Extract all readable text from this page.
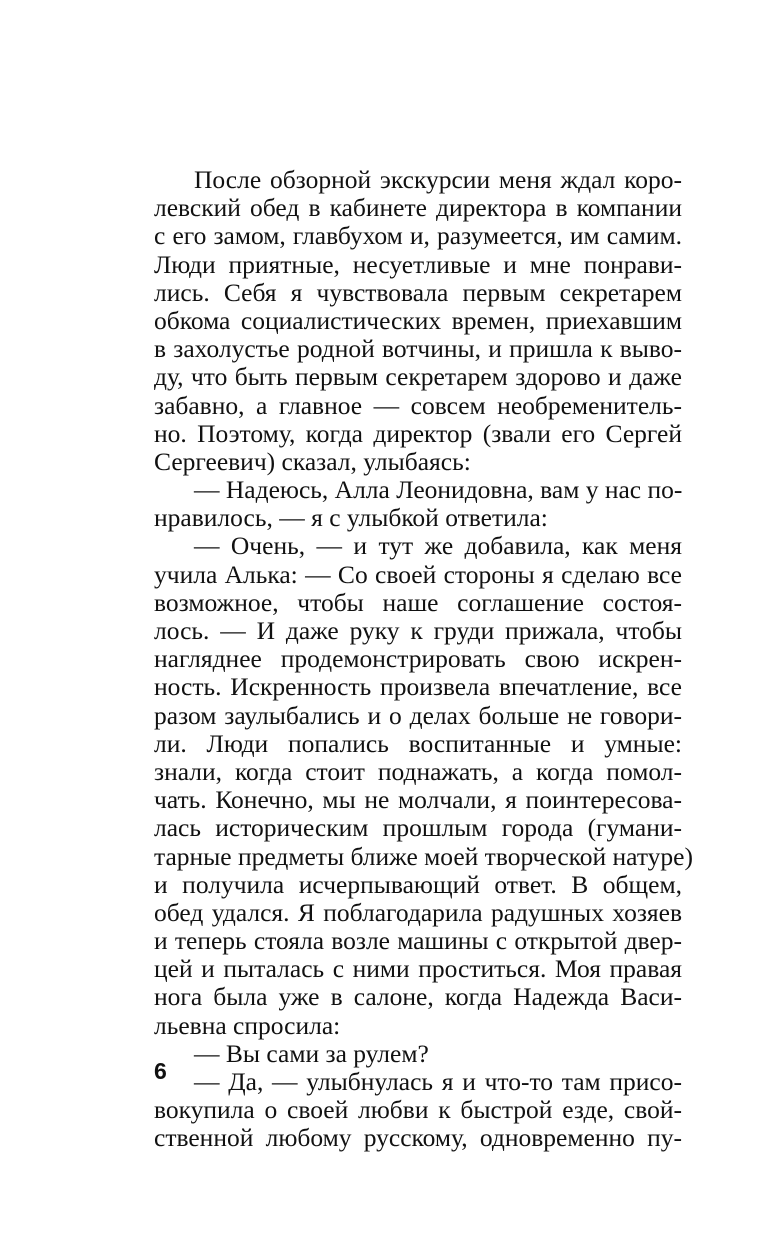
После обзорной экскурсии меня ждал коро-
левский обед в кабинете директора в компании
с его замом, главбухом и, разумеется, им самим.
Люди приятные, несуетливые и мне понрави-
лись. Себя я чувствовала первым секретарем
обкома социалистических времен, приехавшим
в захолустье родной вотчины, и пришла к выво-
ду, что быть первым секретарем здорово и даже
забавно, а главное — совсем необременитель-
но. Поэтому, когда директор (звали его Сергей
Сергеевич) сказал, улыбаясь:
— Надеюсь, Алла Леонидовна, вам у нас по-
нравилось, — я с улыбкой ответила:
— Очень, — и тут же добавила, как меня
учила Алька: — Со своей стороны я сделаю все
возможное, чтобы наше соглашение состоя-
лось. — И даже руку к груди прижала, чтобы
нагляднее продемонстрировать свою искрен-
ность. Искренность произвела впечатление, все
разом заулыбались и о делах больше не говори-
ли. Люди попались воспитанные и умные:
знали, когда стоит поднажать, а когда помол-
чать. Конечно, мы не молчали, я поинтересова-
лась историческим прошлым города (гумани-
тарные предметы ближе моей творческой натуре)
и получила исчерпывающий ответ. В общем,
обед удался. Я поблагодарила радушных хозяев
и теперь стояла возле машины с открытой двер-
цей и пыталась с ними проститься. Моя правая
нога была уже в салоне, когда Надежда Васи-
льевна спросила:
— Вы сами за рулем?
— Да, — улыбнулась я и что-то там присо-
вокупила о своей любви к быстрой езде, свой-
ственной любому русскому, одновременно пу-
6
